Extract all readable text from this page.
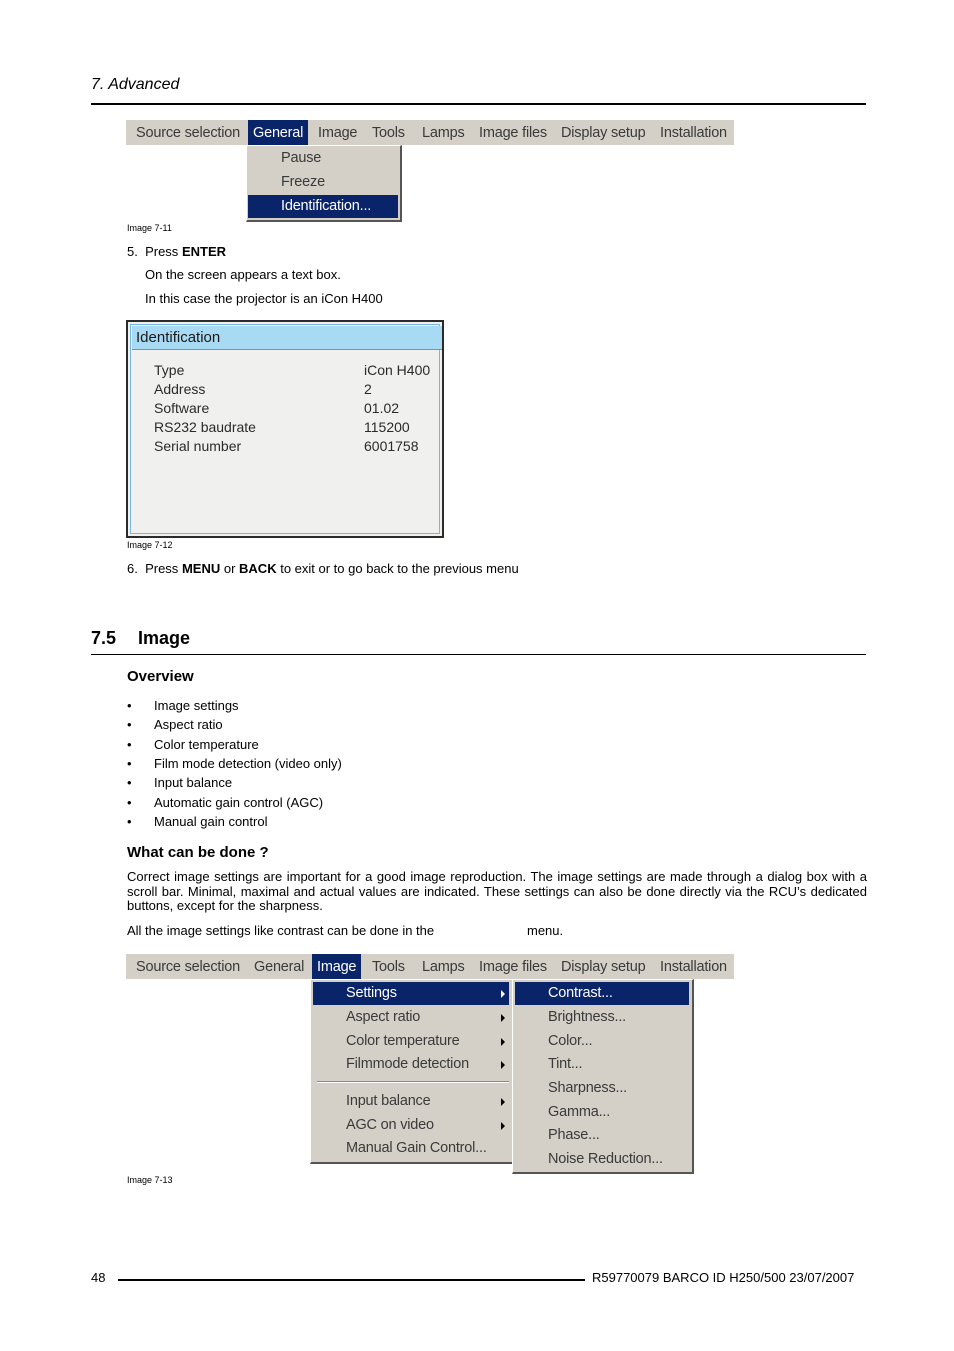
7. Advanced
Source selection General	Image	Tools	Lamps Image files Display setup	Installation
Pause
Freeze
Identification...
Image 7-11
5. Press ENTER
On the screen appears a text box.
In this case the projector is an iCon H400
Identification
Type	iCon H400
Address	2
Software	01.02
RS232 baudrate	115200
Serial number	6001758
Image 7-12
6. Press MENU or BACK to exit or to go back to the previous menu
7.5 Image
Overview
• Image settings
• Aspect ratio
• Color temperature
• Film mode detection (video only)
• Input balance
• Automatic gain control (AGC)
• Manual gain control
What can be done ?
Correct image settings are important for a good image reproduction. The image settings are made through a dialog box with a scroll bar. Minimal, maximal and actual values are indicated. These settings can also be done directly via the RCU’s dedicated buttons, except for the sharpness.
All the image settings like contrast can be done in the	menu.
Source selection General Image	Tools	Lamps Image files Display setup	Installation
Settings
Aspect ratio
Color temperature
Filmmode detection
Input balance
AGC on video
Manual Gain Control...
Contrast...
Brightness...
Color...
Tint...
Sharpness...
Gamma...
Phase...
Noise Reduction...
Image 7-13
48	R59770079 BARCO ID H250/500 23/07/2007
